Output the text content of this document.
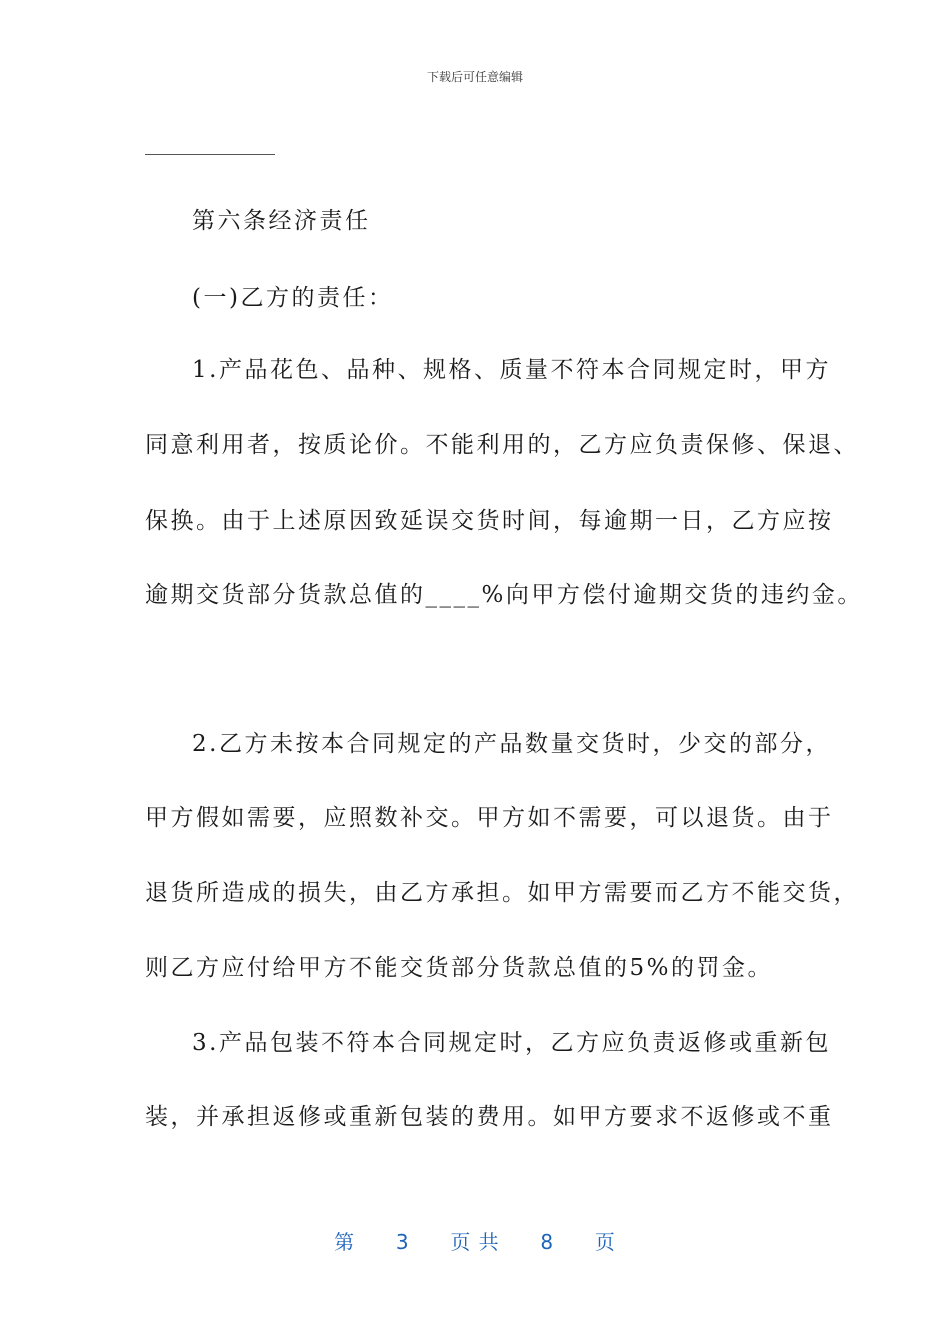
下载后可任意编辑
第六条经济责任
(一)乙方的责任：
1.产品花色、品种、规格、质量不符本合同规定时，甲方
同意利用者，按质论价。不能利用的，乙方应负责保修、保退、
保换。由于上述原因致延误交货时间，每逾期一日，乙方应按
逾期交货部分货款总值的____%向甲方偿付逾期交货的违约金。
2.乙方未按本合同规定的产品数量交货时，少交的部分，
甲方假如需要，应照数补交。甲方如不需要，可以退货。由于
退货所造成的损失，由乙方承担。如甲方需要而乙方不能交货，
则乙方应付给甲方不能交货部分货款总值的5%的罚金。
3.产品包装不符本合同规定时，乙方应负责返修或重新包
装，并承担返修或重新包装的费用。如甲方要求不返修或不重
第 3 页 共 8 页
